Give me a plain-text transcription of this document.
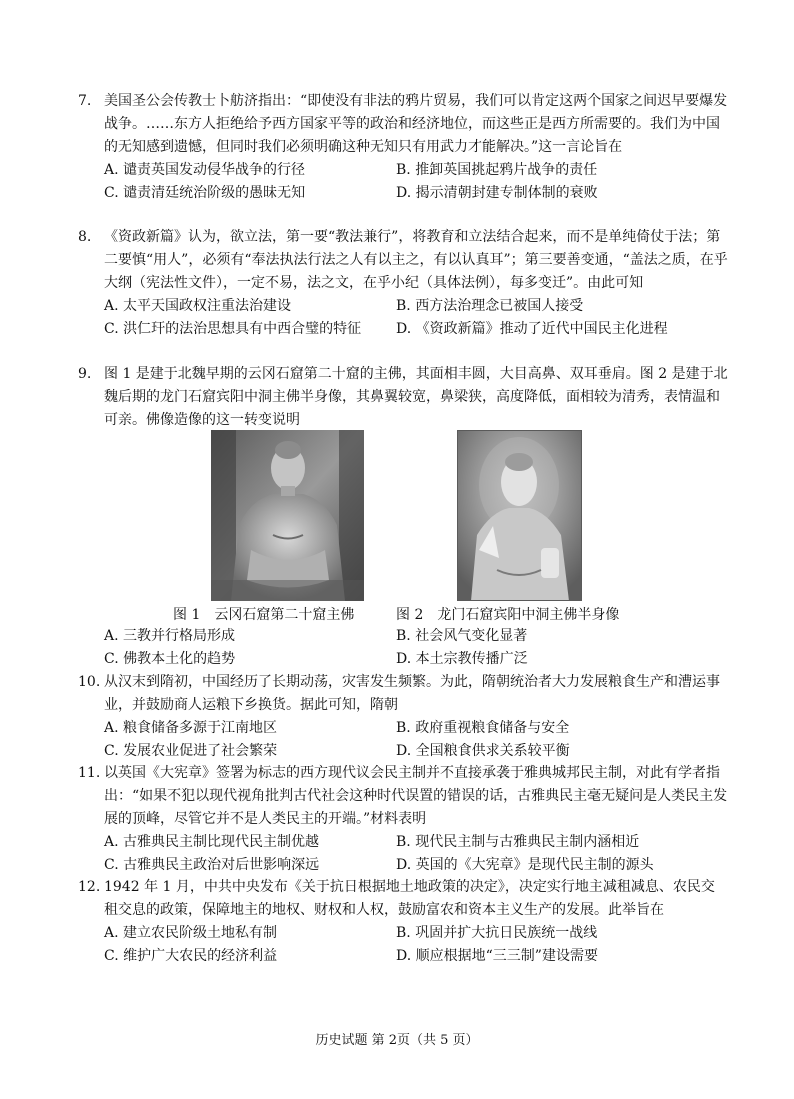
7. 美国圣公会传教士卜舫济指出：“即使没有非法的鸦片贸易，我们可以肯定这两个国家之间迟早要爆发战争。……东方人拒绝给予西方国家平等的政治和经济地位，而这些正是西方所需要的。我们为中国的无知感到遗憾，但同时我们必须明确这种无知只有用武力才能解决。”这一言论旨在
A. 谴责英国发动侵华战争的行径	B. 推卸英国挑起鸦片战争的责任
C. 谴责清廷统治阶级的愚昧无知	D. 揭示清朝封建专制体制的衰败
8. 《资政新篇》认为，欲立法，第一要“教法兼行”，将教育和立法结合起来，而不是单纯倚仗于法；第二要慎“用人”，必须有“奉法执法行法之人有以主之，有以认真耳”；第三要善变通，“盖法之质，在乎大纲（宪法性文件），一定不易，法之文，在乎小纪（具体法例），每多变迁”。由此可知
A. 太平天国政权注重法治建设	B. 西方法治理念已被国人接受
C. 洪仁玕的法治思想具有中西合璧的特征	D. 《资政新篇》推动了近代中国民主化进程
9. 图 1 是建于北魏早期的云冈石窟第二十窟的主佛，其面相丰圆，大目高鼻、双耳垂肩。图 2 是建于北魏后期的龙门石窟宾阳中洞主佛半身像，其鼻翼较宽，鼻梁狭，高度降低，面相较为清秀，表情温和可亲。佛像造像的这一转变说明
图 1　云冈石窟第二十窟主佛	图 2　龙门石窟宾阳中洞主佛半身像
A. 三教并行格局形成	B. 社会风气变化显著
C. 佛教本土化的趋势	D. 本土宗教传播广泛
10. 从汉末到隋初，中国经历了长期动荡，灾害发生频繁。为此，隋朝统治者大力发展粮食生产和漕运事业，并鼓励商人运粮下乡换货。据此可知，隋朝
A. 粮食储备多源于江南地区	B. 政府重视粮食储备与安全
C. 发展农业促进了社会繁荣	D. 全国粮食供求关系较平衡
11. 以英国《大宪章》签署为标志的西方现代议会民主制并不直接承袭于雅典城邦民主制，对此有学者指出：“如果不犯以现代视角批判古代社会这种时代误置的错误的话，古雅典民主毫无疑问是人类民主发展的顶峰，尽管它并不是人类民主的开端。”材料表明
A. 古雅典民主制比现代民主制优越	B. 现代民主制与古雅典民主制内涵相近
C. 古雅典民主政治对后世影响深远	D. 英国的《大宪章》是现代民主制的源头
12. 1942 年 1 月，中共中央发布《关于抗日根据地土地政策的决定》，决定实行地主减租减息、农民交租交息的政策，保障地主的地权、财权和人权，鼓励富农和资本主义生产的发展。此举旨在
A. 建立农民阶级土地私有制	B. 巩固并扩大抗日民族统一战线
C. 维护广大农民的经济利益	D. 顺应根据地“三三制”建设需要
历史试题 第 2页（共 5 页）
